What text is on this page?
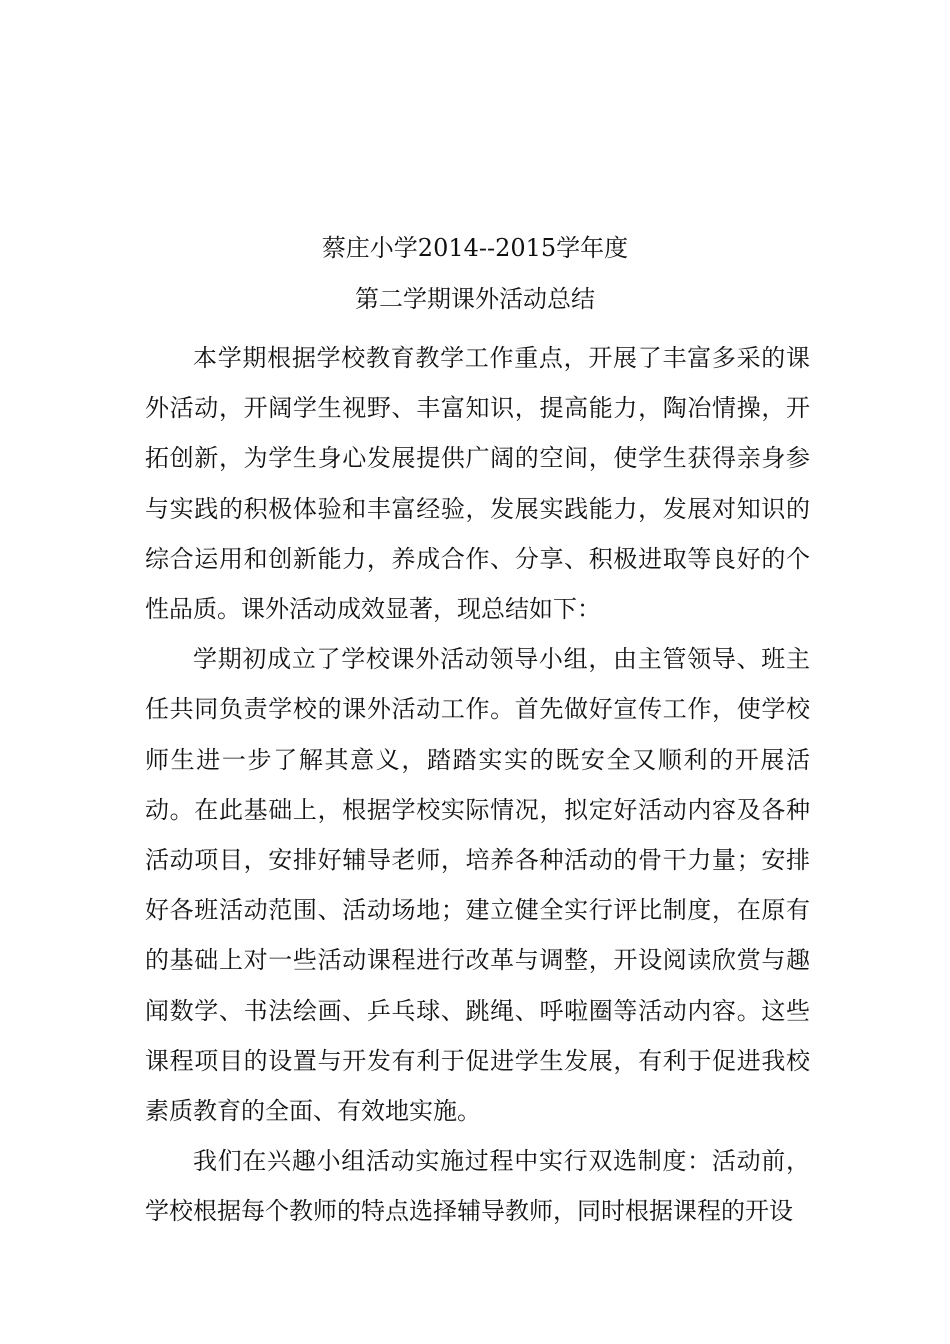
蔡庄小学2014--2015学年度
第二学期课外活动总结

本学期根据学校教育教学工作重点，开展了丰富多采的课外活动，开阔学生视野、丰富知识，提高能力，陶冶情操，开拓创新，为学生身心发展提供广阔的空间，使学生获得亲身参与实践的积极体验和丰富经验，发展实践能力，发展对知识的综合运用和创新能力，养成合作、分享、积极进取等良好的个性品质。课外活动成效显著，现总结如下：

学期初成立了学校课外活动领导小组，由主管领导、班主任共同负责学校的课外活动工作。首先做好宣传工作，使学校师生进一步了解其意义，踏踏实实的既安全又顺利的开展活动。在此基础上，根据学校实际情况，拟定好活动内容及各种活动项目，安排好辅导老师，培养各种活动的骨干力量；安排好各班活动范围、活动场地；建立健全实行评比制度，在原有的基础上对一些活动课程进行改革与调整，开设阅读欣赏与趣闻数学、书法绘画、乒乓球、跳绳、呼啦圈等活动内容。这些课程项目的设置与开发有利于促进学生发展，有利于促进我校素质教育的全面、有效地实施。

我们在兴趣小组活动实施过程中实行双选制度：活动前，学校根据每个教师的特点选择辅导教师，同时根据课程的开设
